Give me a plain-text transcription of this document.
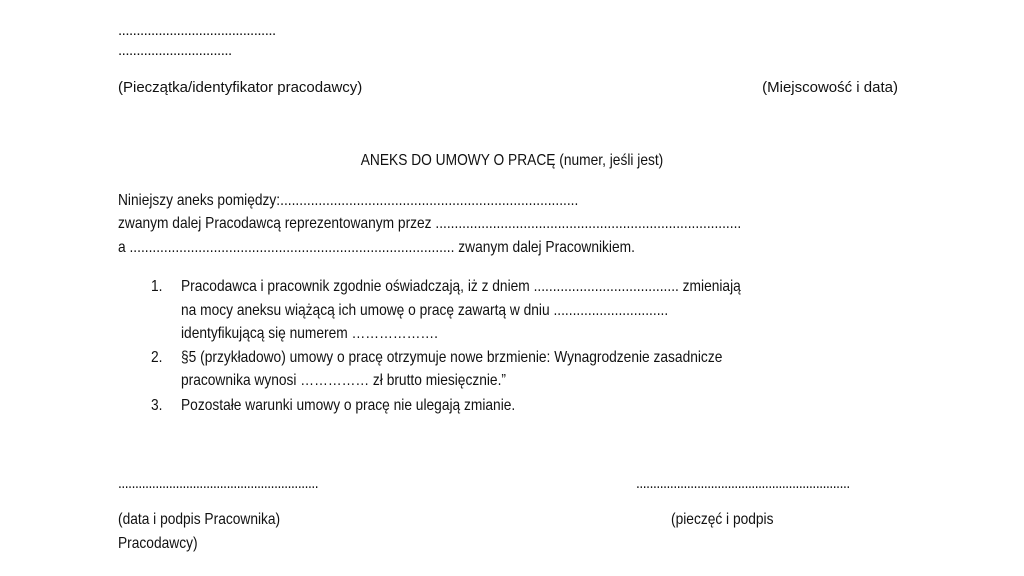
...........................................
...............................
(Pieczątka/identyfikator pracodawcy)	(Miejscowość i data)
ANEKS DO UMOWY O PRACĘ (numer, jeśli jest)
Niniejszy aneks pomiędzy:..............................................................................
zwanym dalej Pracodawcą reprezentowanym przez ................................................................................
a ..................................................................................... zwanym dalej Pracownikiem.
1. Pracodawca i pracownik zgodnie oświadczają, iż z dniem ...................................... zmieniają
na mocy aneksu wiążącą ich umowę o pracę zawartą w dniu ..............................
identyfikującą się numerem ……………….
2. §5 (przykładowo) umowy o pracę otrzymuje nowe brzmienie: Wynagrodzenie zasadnicze
pracownika wynosi …………… zł brutto miesięcznie.”
3. Pozostałe warunki umowy o pracę nie ulegają zmianie.
...........................................................	...............................................................
(data i podpis Pracownika)	(pieczęć i podpis
Pracodawcy)
